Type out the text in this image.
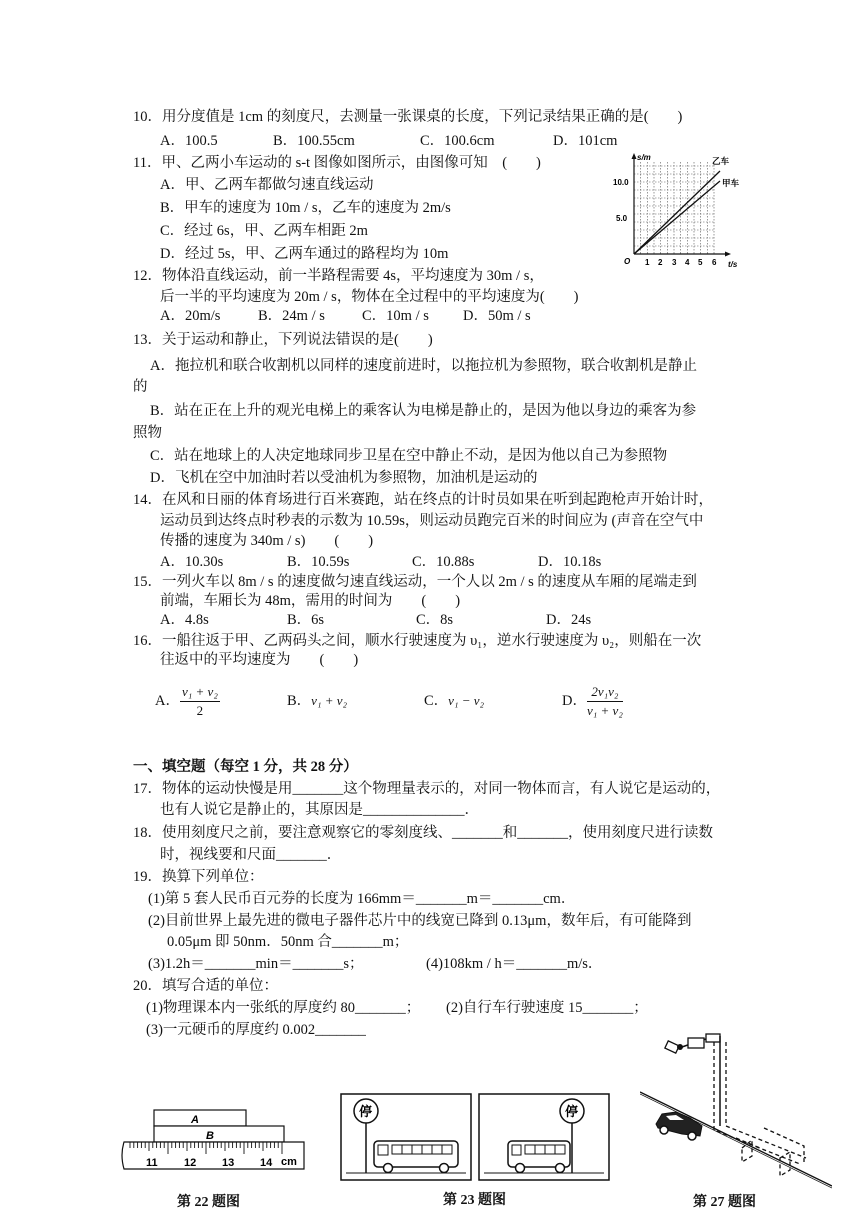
10．用分度值是 1cm 的刻度尺，去测量一张课桌的长度，下列记录结果正确的是(　　)
A．100.5	B．100.55cm	C．100.6cm	D．101cm
11．甲、乙两小车运动的 s-t 图像如图所示，由图像可知　(　　)
A．甲、乙两车都做匀速直线运动
B．甲车的速度为 10m / s，乙车的速度为 2m/s
C．经过 6s，甲、乙两车相距 2m
D．经过 5s，甲、乙两车通过的路程均为 10m
s/m
t/s
O
10.0
5.0
1 2 3 4 5 6
乙车
甲车
12．物体沿直线运动，前一半路程需要 4s，平均速度为 30m / s，
后一半的平均速度为 20m / s，物体在全过程中的平均速度为(　　)
A．20m/s	B．24m / s	C．10m / s D．50m / s
13．关于运动和静止，下列说法错误的是(　　)
A．拖拉机和联合收割机以同样的速度前进时，以拖拉机为参照物，联合收割机是静止
的
B．站在正在上升的观光电梯上的乘客认为电梯是静止的，是因为他以身边的乘客为参
照物
C．站在地球上的人决定地球同步卫星在空中静止不动，是因为他以自己为参照物
D．飞机在空中加油时若以受油机为参照物，加油机是运动的
14．在风和日丽的体育场进行百米赛跑，站在终点的计时员如果在听到起跑枪声开始计时，
运动员到达终点时秒表的示数为 10.59s，则运动员跑完百米的时间应为 (声音在空气中
传播的速度为 340m / s)　　(　　)
A．10.30s	B．10.59s	C．10.88s	D．10.18s
15．一列火车以 8m / s 的速度做匀速直线运动，一个人以 2m / s 的速度从车厢的尾端走到
前端，车厢长为 48m，需用的时间为　　(　　)
A．4.8s	B．6s	C．8s	D．24s
16．一船往返于甲、乙两码头之间，顺水行驶速度为 υ₁，逆水行驶速度为 υ₂，则船在一次
往返中的平均速度为　　(　　)
A． $\frac{\text{v₁ + v₂}}{2}$	B．v₁ + v₂	C．v₁ − v₂	D． $\frac{\text{2v₁v₂}}{\text{v₁ + v₂}}$
一、填空题（每空 1 分，共 28 分）
17．物体的运动快慢是用_______这个物理量表示的，对同一物体而言，有人说它是运动的，
也有人说它是静止的，其原因是______________．
18．使用刻度尺之前，要注意观察它的零刻度线、_______和_______，使用刻度尺进行读数
时，视线要和尺面_______．
19．换算下列单位：
(1)第 5 套人民币百元券的长度为 166mm＝_______m＝_______cm．
(2)目前世界上最先进的微电子器件芯片中的线宽已降到 0.13μm，数年后，有可能降到
0.05μm 即 50nm．50nm 合_______m；
(3)1.2h＝_______min＝_______s；	(4)108km / h＝_______m/s．
20．填写合适的单位：
(1)物理课本内一张纸的厚度约 80_______； (2)自行车行驶速度 15_______；
(3)一元硬币的厚度约 0.002_______
A
B
11 12 13 14 cm
停	停
第 22 题图	第 23 题图	第 27 题图
